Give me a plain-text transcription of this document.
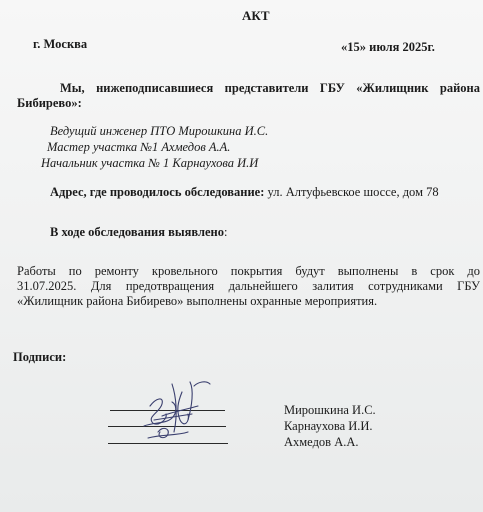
АКТ
г. Москва	«15» июля 2025г.
Мы, нижеподписавшиеся представители ГБУ «Жилищник района
Бибирево»:
Ведущий инженер ПТО Мирошкина И.С.
Мастер участка №1 Ахмедов А.А.
Начальник участка № 1 Карнаухова И.И
Адрес, где проводилось обследование: ул. Алтуфьевское шоссе, дом 78
В ходе обследования выявлено:
Работы по ремонту кровельного покрытия будут выполнены в срок до
31.07.2025. Для предотвращения дальнейшего залития сотрудниками ГБУ
«Жилищник района Бибирево» выполнены охранные мероприятия.
Подписи:
Мирошкина И.С.
Карнаухова И.И.
Ахмедов А.А.
